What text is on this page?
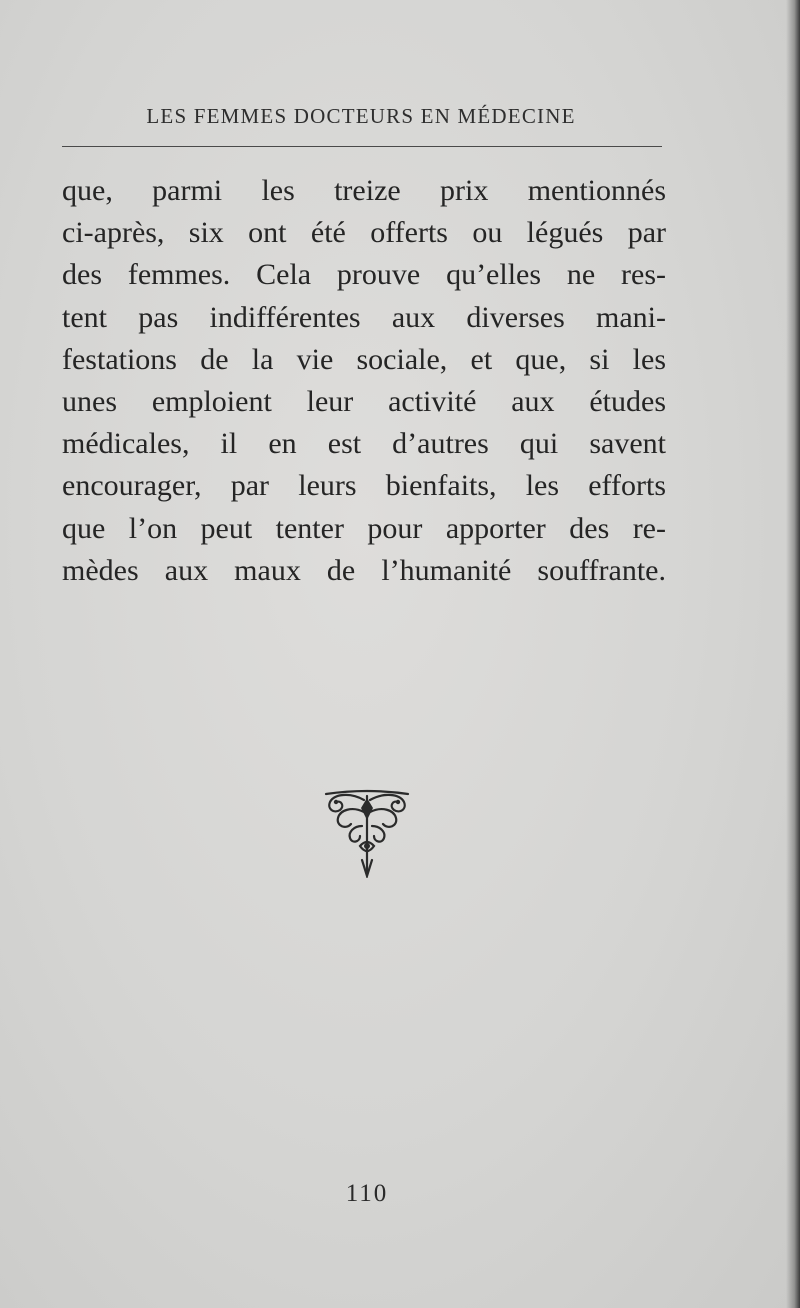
LES FEMMES DOCTEURS EN MÉDECINE
que, parmi les treize prix mentionnés
ci-après, six ont été offerts ou légués par
des femmes. Cela prouve qu’elles ne res-
tent pas indifférentes aux diverses mani-
festations de la vie sociale, et que, si les
unes emploient leur activité aux études
médicales, il en est d’autres qui savent
encourager, par leurs bienfaits, les efforts
que l’on peut tenter pour apporter des re-
mèdes aux maux de l’humanité souffrante.
110
